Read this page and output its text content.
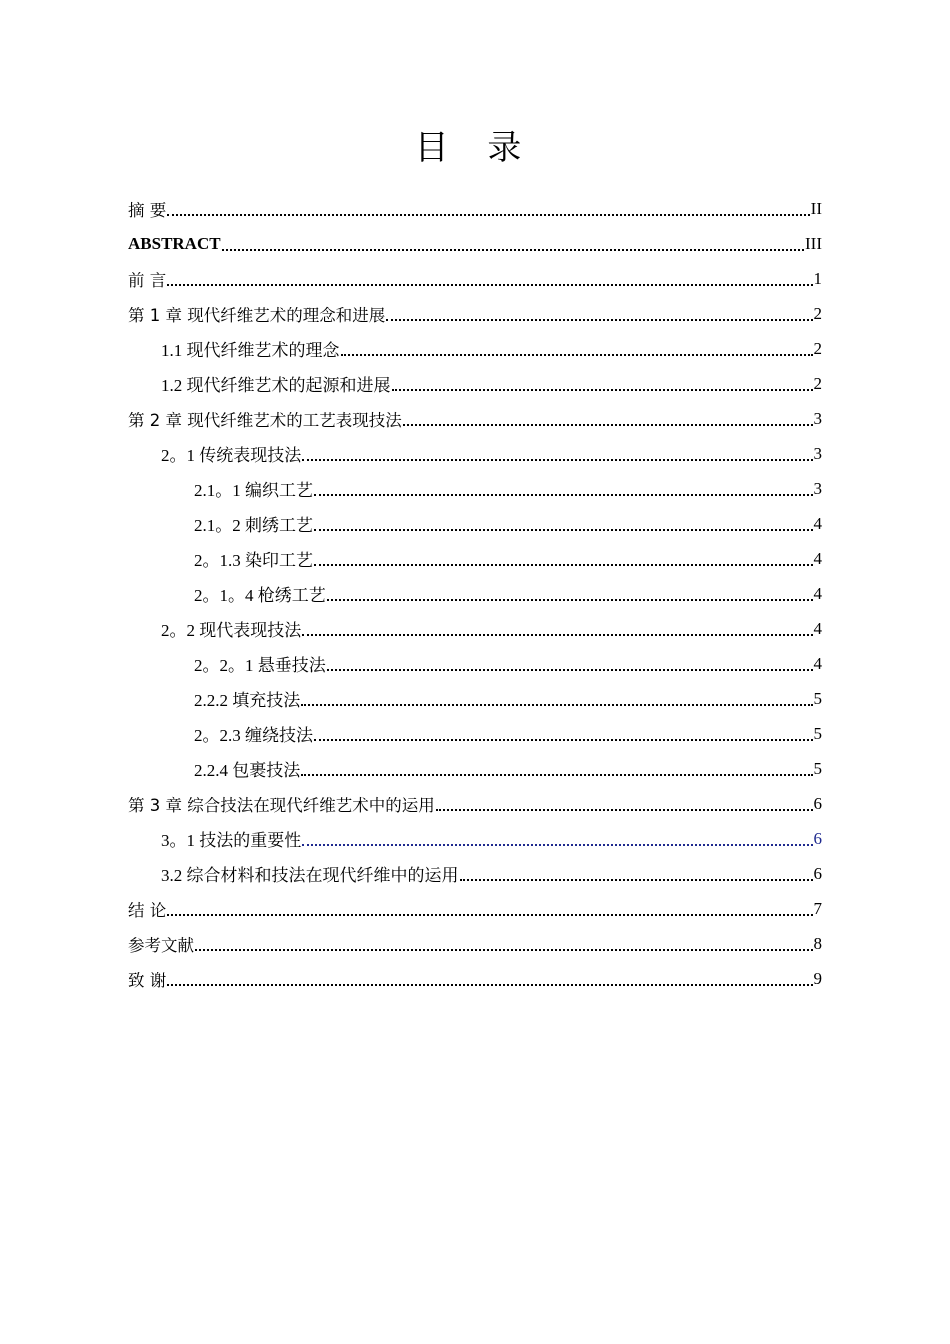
目 录
摘 要	II
ABSTRACT	III
前 言	1
第 1 章 现代纤维艺术的理念和进展	2
1.1 现代纤维艺术的理念	2
1.2 现代纤维艺术的起源和进展	2
第 2 章 现代纤维艺术的工艺表现技法	3
2。1 传统表现技法	3
2.1。1 编织工艺	3
2.1。2 刺绣工艺	4
2。1.3 染印工艺	4
2。1。4 枪绣工艺	4
2。2 现代表现技法	4
2。2。1 悬垂技法	4
2.2.2 填充技法	5
2。2.3 缠绕技法	5
2.2.4 包裹技法	5
第 3 章 综合技法在现代纤维艺术中的运用	6
3。1 技法的重要性	6
3.2 综合材料和技法在现代纤维中的运用	6
结 论	7
参考文献	8
致 谢	9
